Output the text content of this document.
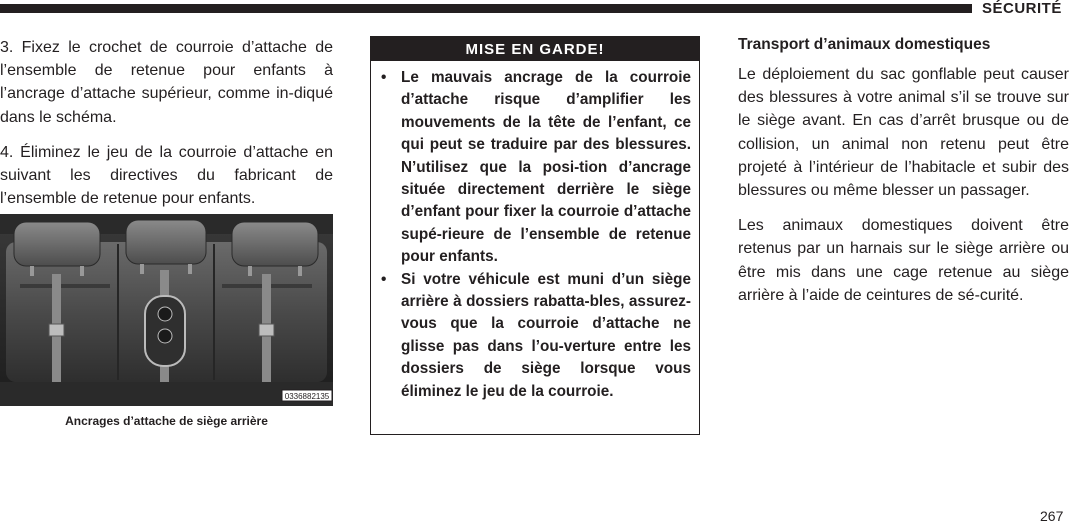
SÉCURITÉ

3. Fixez le crochet de courroie d’attache de l’ensemble de retenue pour enfants à l’ancrage d’attache supérieur, comme in-diqué dans le schéma.

4. Éliminez le jeu de la courroie d’attache en suivant les directives du fabricant de l’ensemble de retenue pour enfants.

0336882135
Ancrages d’attache de siège arrière
MISE EN GARDE!
• Le mauvais ancrage de la courroie d’attache risque d’amplifier les mouvements de la tête de l’enfant, ce qui peut se traduire par des blessures. N’utilisez que la posi-tion d’ancrage située directement derrière le siège d’enfant pour fixer la courroie d’attache supé-rieure de l’ensemble de retenue pour enfants.
• Si votre véhicule est muni d’un siège arrière à dossiers rabatta-bles, assurez-vous que la courroie d’attache ne glisse pas dans l’ou-verture entre les dossiers de siège lorsque vous éliminez le jeu de la courroie.
Transport d’animaux domestiques

Le déploiement du sac gonflable peut causer des blessures à votre animal s’il se trouve sur le siège avant. En cas d’arrêt brusque ou de collision, un animal non retenu peut être projeté à l’intérieur de l’habitacle et subir des blessures ou même blesser un passager.

Les animaux domestiques doivent être retenus par un harnais sur le siège arrière ou être mis dans une cage retenue au siège arrière à l’aide de ceintures de sé-curité.

267
